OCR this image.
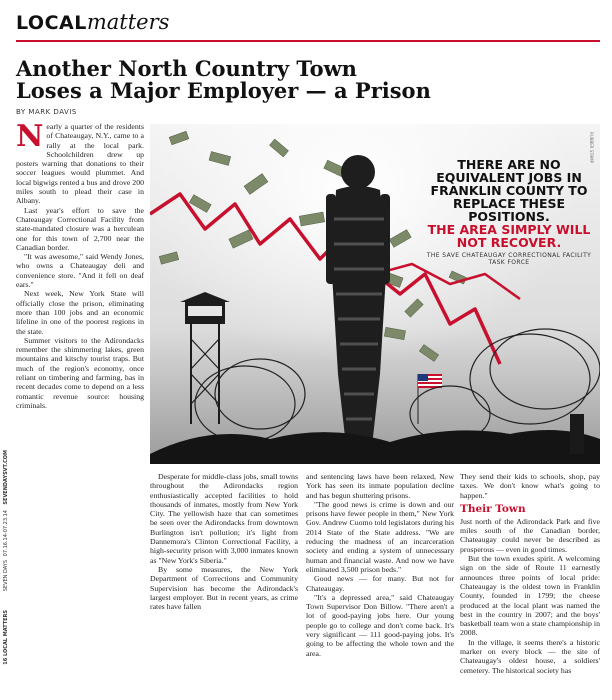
LOCAL matters
Another North Country Town
Loses a Major Employer — a Prison
BY MARK DAVIS
N early a quarter of the residents of Chateaugay, N.Y., came to a rally at the local park. Schoolchildren drew up posters warning that donations to their soccer leagues would plummet. And local bigwigs rented a bus and drove 200 miles south to plead their case in Albany.

Last year's effort to save the Chateaugay Correctional Facility from state-mandated closure was a herculean one for this town of 2,700 near the Canadian border.

"It was awesome," said Wendy Jones, who owns a Chateaugay deli and convenience store. "And it fell on deaf ears."

Next week, New York State will officially close the prison, eliminating more than 100 jobs and an economic lifeline in one of the poorest regions in the state.

Summer visitors to the Adirondacks remember the shimmering lakes, green mountains and kitschy tourist traps. But much of the region's economy, once reliant on timbering and farming, has in recent decades come to depend on a less romantic revenue source: housing criminals.

RUBBER STAMP
THERE ARE NO EQUIVALENT JOBS IN FRANKLIN COUNTY TO REPLACE THESE POSITIONS.
THE AREA SIMPLY WILL NOT RECOVER.
THE SAVE CHATEAUGAY CORRECTIONAL FACILITY TASK FORCE

Desperate for middle-class jobs, small towns throughout the Adirondacks region enthusiastically accepted facilities to hold thousands of inmates, mostly from New York City. The yellowish haze that can sometimes be seen over the Adirondacks from downtown Burlington isn't pollution; it's light from Dannemora's Clinton Correctional Facility, a high-security prison with 3,000 inmates known as "New York's Siberia."

By some measures, the New York Department of Corrections and Community Supervision has become the Adirondack's largest employer. But in recent years, as crime rates have fallen

and sentencing laws have been relaxed, New York has seen its inmate population decline and has begun shuttering prisons.

"The good news is crime is down and our prisons have fewer people in them," New York Gov. Andrew Cuomo told legislators during his 2014 State of the State address. "We are reducing the madness of an incarceration society and ending a system of unnecessary human and financial waste. And now we have eliminated 3,500 prison beds."

Good news — for many. But not for Chateaugay.

"It's a depressed area," said Chateaugay Town Supervisor Don Billow. "There aren't a lot of good-paying jobs here. Our young people go to college and don't come back. It's very significant — 111 good-paying jobs. It's going to be affecting the whole town and the area.

They send their kids to schools, shop, pay taxes. We don't know what's going to happen."

Their Town

Just north of the Adirondack Park and five miles south of the Canadian border, Chateaugay could never be described as prosperous — even in good times.

But the town exudes spirit. A welcoming sign on the side of Route 11 earnestly announces three points of local pride: Chateaugay is the oldest town in Franklin County, founded in 1799; the cheese produced at the local plant was named the best in the country in 2007; and the boys' basketball team won a state championship in 2008.

In the village, it seems there's a historic marker on every block — the site of Chateaugay's oldest house, a soldiers' cemetery. The historical society has

16 LOCAL MATTERS
SEVEN DAYS
07.16.14-07.23.14
SEVENDAYSVT.COM
